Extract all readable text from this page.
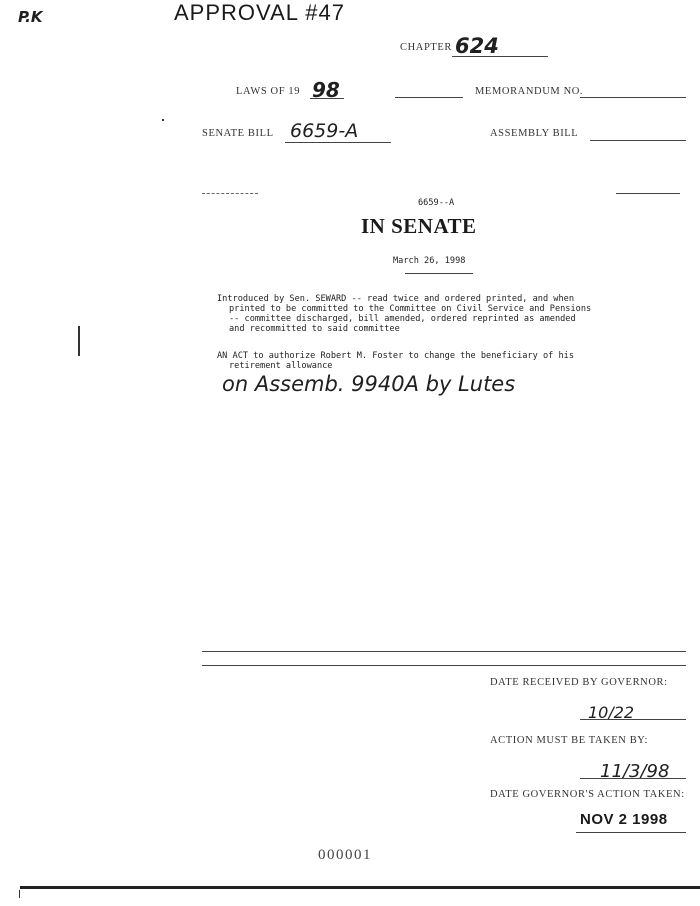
P.K	APPROVAL #47
CHAPTER 624
LAWS OF 19 98	MEMORANDUM NO.
SENATE BILL 6659-A	ASSEMBLY BILL
6659--A
IN SENATE
March 26, 1998
Introduced by Sen. SEWARD -- read twice and ordered printed, and when
printed to be committed to the Committee on Civil Service and Pensions
-- committee discharged, bill amended, ordered reprinted as amended
and recommitted to said committee
AN ACT to authorize Robert M. Foster to change the beneficiary of his
retirement allowance
on Assemb. 9940A by Lutes
DATE RECEIVED BY GOVERNOR:
10/22
ACTION MUST BE TAKEN BY:
11/3/98
DATE GOVERNOR'S ACTION TAKEN:
NOV 2 1998
000001
